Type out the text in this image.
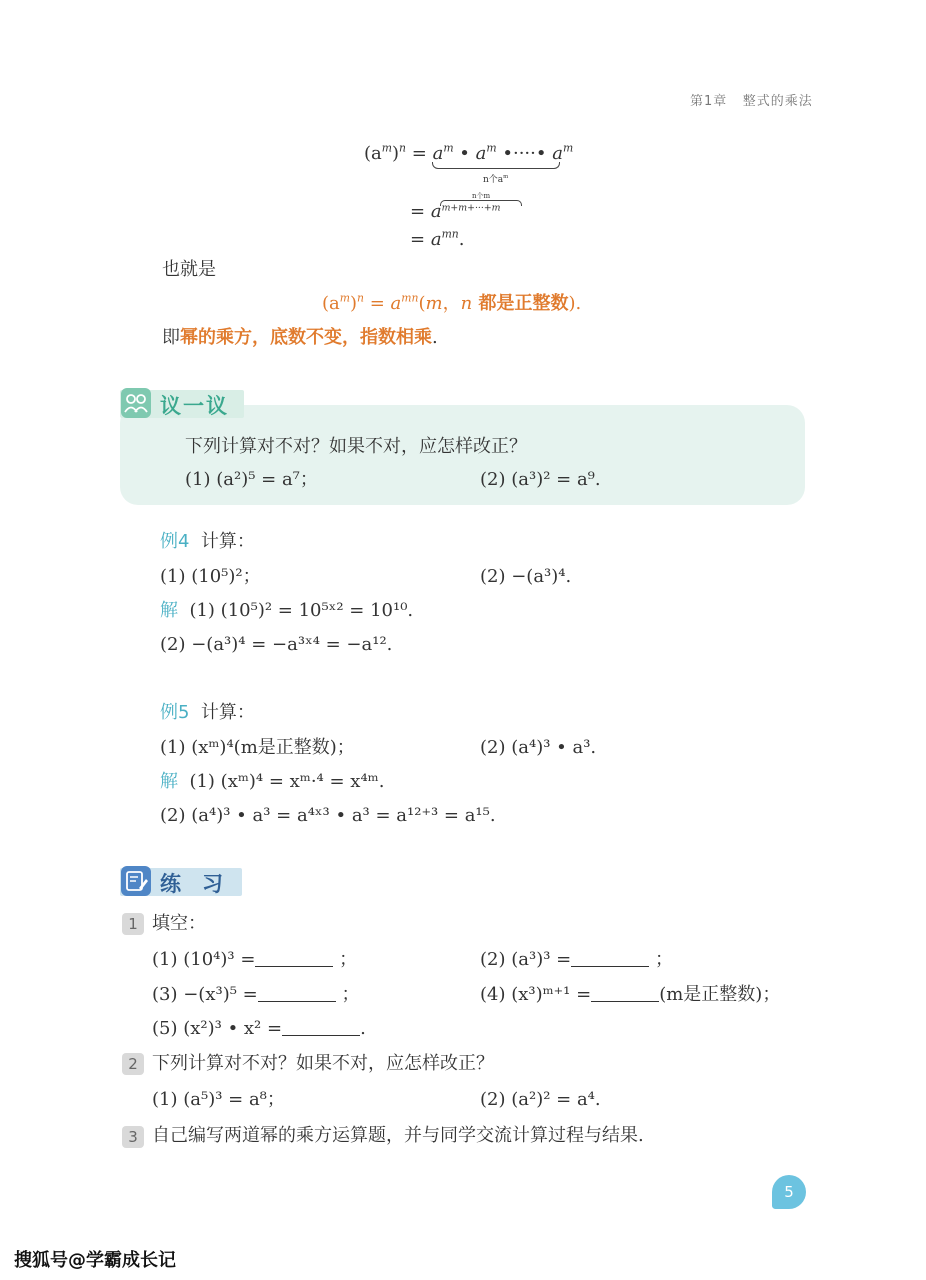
第1章 整式的乘法
$(a^m)^n = a^m$ • $a^m$ •····• $a^m$
n个$a^m$
n个m
= $a^{m+m+\cdot\cdot\cdot+m}$
= $a^{mn}$.
也就是
$(a^m)^n = a^{mn}(m$，n 都是正整数).
即幂的乘方，底数不变，指数相乘.
议一议
下列计算对不对？如果不对，应怎样改正？
(1) (a²)⁵ = a⁷；	(2) (a³)² = a⁹.
例4 计算：
(1) (10⁵)²；	(2) −(a³)⁴.
解 (1) (10⁵)² = 10⁵ˣ² = 10¹⁰.
(2) −(a³)⁴ = −a³ˣ⁴ = −a¹².
例5 计算：
(1) (xᵐ)⁴(m是正整数)；	(2) (a⁴)³ • a³.
解 (1) (xᵐ)⁴ = xᵐ·⁴ = x⁴ᵐ.
(2) (a⁴)³ • a³ = a⁴ˣ³ • a³ = a¹²⁺³ = a¹⁵.
练　习
1 填空：
(1) (10⁴)³ =	；	(2) (a³)³ =	；
(3) −(x³)⁵ =	；	(4) (x³)ᵐ⁺¹ =	(m是正整数)；
(5) (x²)³ • x² =	.
2 下列计算对不对？如果不对，应怎样改正？
(1) (a⁵)³ = a⁸；	(2) (a²)² = a⁴.
3 自己编写两道幂的乘方运算题，并与同学交流计算过程与结果.
5
搜狐号@学霸成长记
